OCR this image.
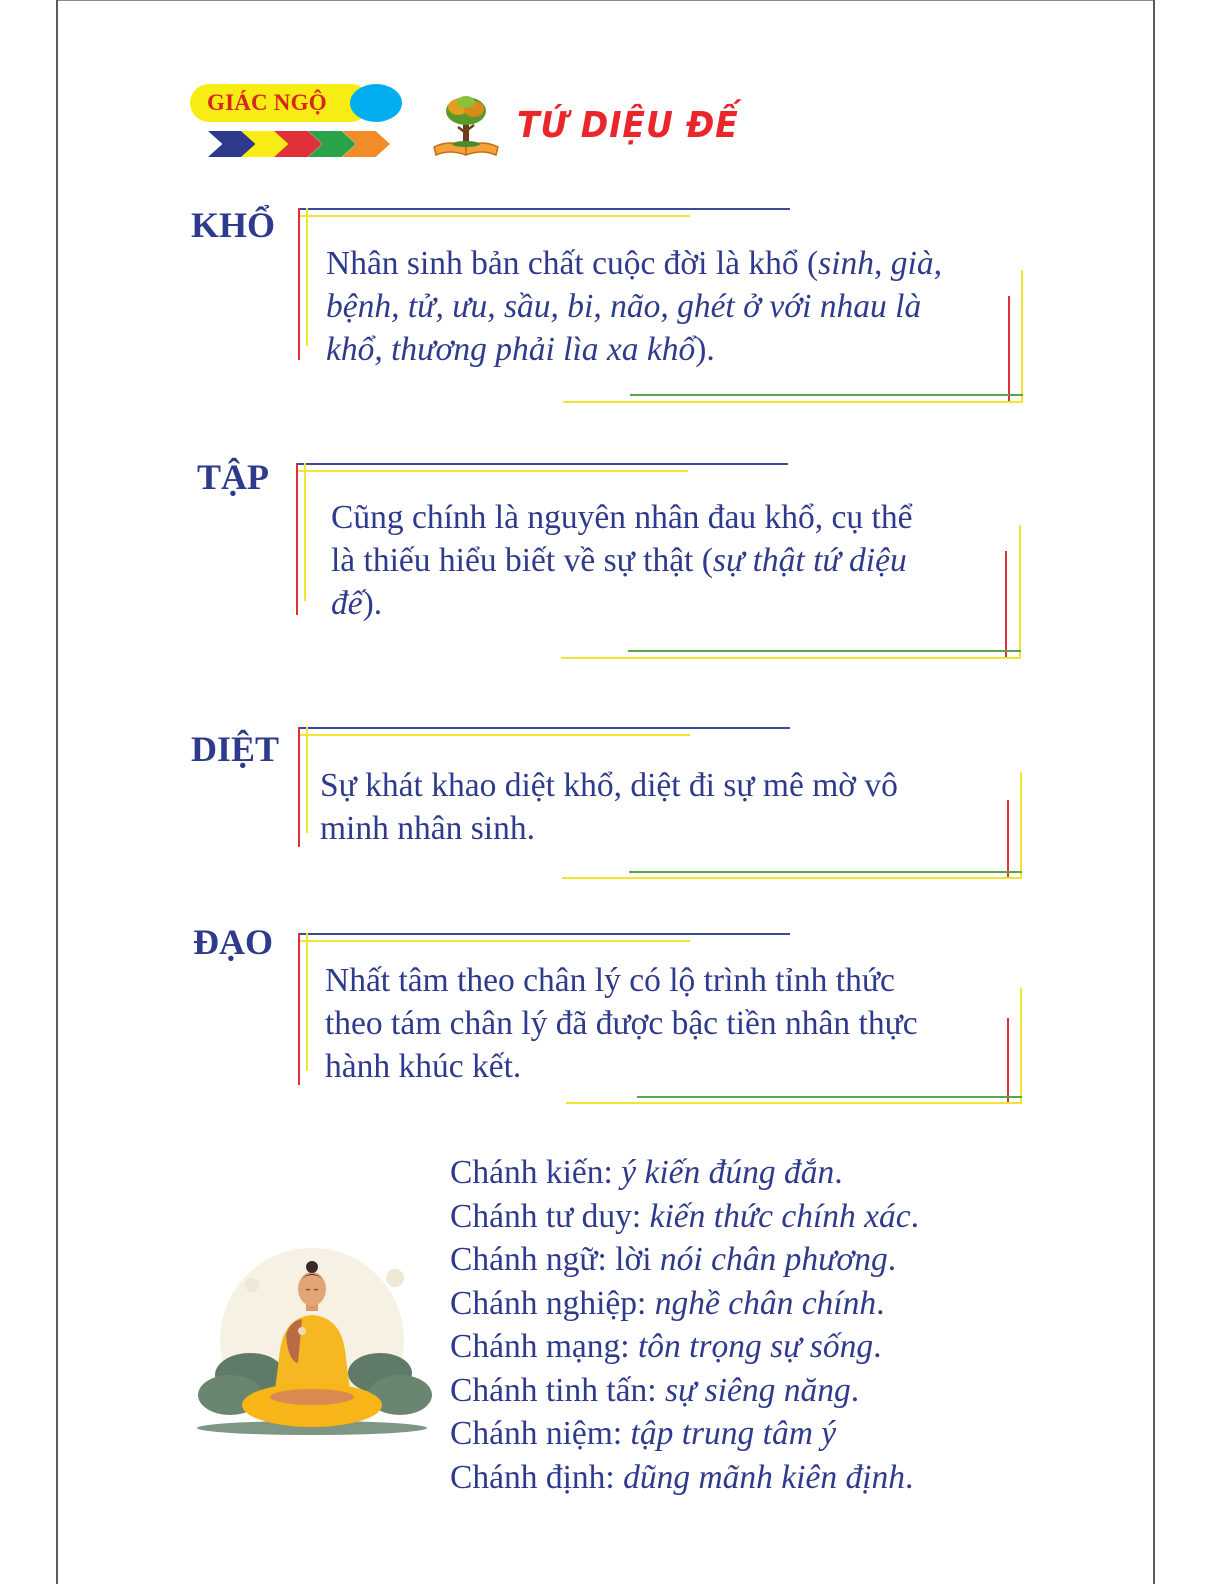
GIÁC NGỘ
TỨ DIỆU ĐẾ
KHỔ
Nhân sinh bản chất cuộc đời là khổ (sinh, già,
bệnh, tử, ưu, sầu, bi, não, ghét ở với nhau là
khổ, thương phải lìa xa khổ).
TẬP
Cũng chính là nguyên nhân đau khổ, cụ thể
là thiếu hiểu biết về sự thật (sự thật tứ diệu
đế).
DIỆT
Sự khát khao diệt khổ, diệt đi sự mê mờ vô
minh nhân sinh.
ĐẠO
Nhất tâm theo chân lý có lộ trình tỉnh thức
theo tám chân lý đã được bậc tiền nhân thực
hành khúc kết.
Chánh kiến: ý kiến đúng đắn.
Chánh tư duy: kiến thức chính xác.
Chánh ngữ: lời nói chân phương.
Chánh nghiệp: nghề chân chính.
Chánh mạng: tôn trọng sự sống.
Chánh tinh tấn: sự siêng năng.
Chánh niệm: tập trung tâm ý
Chánh định: dũng mãnh kiên định.
